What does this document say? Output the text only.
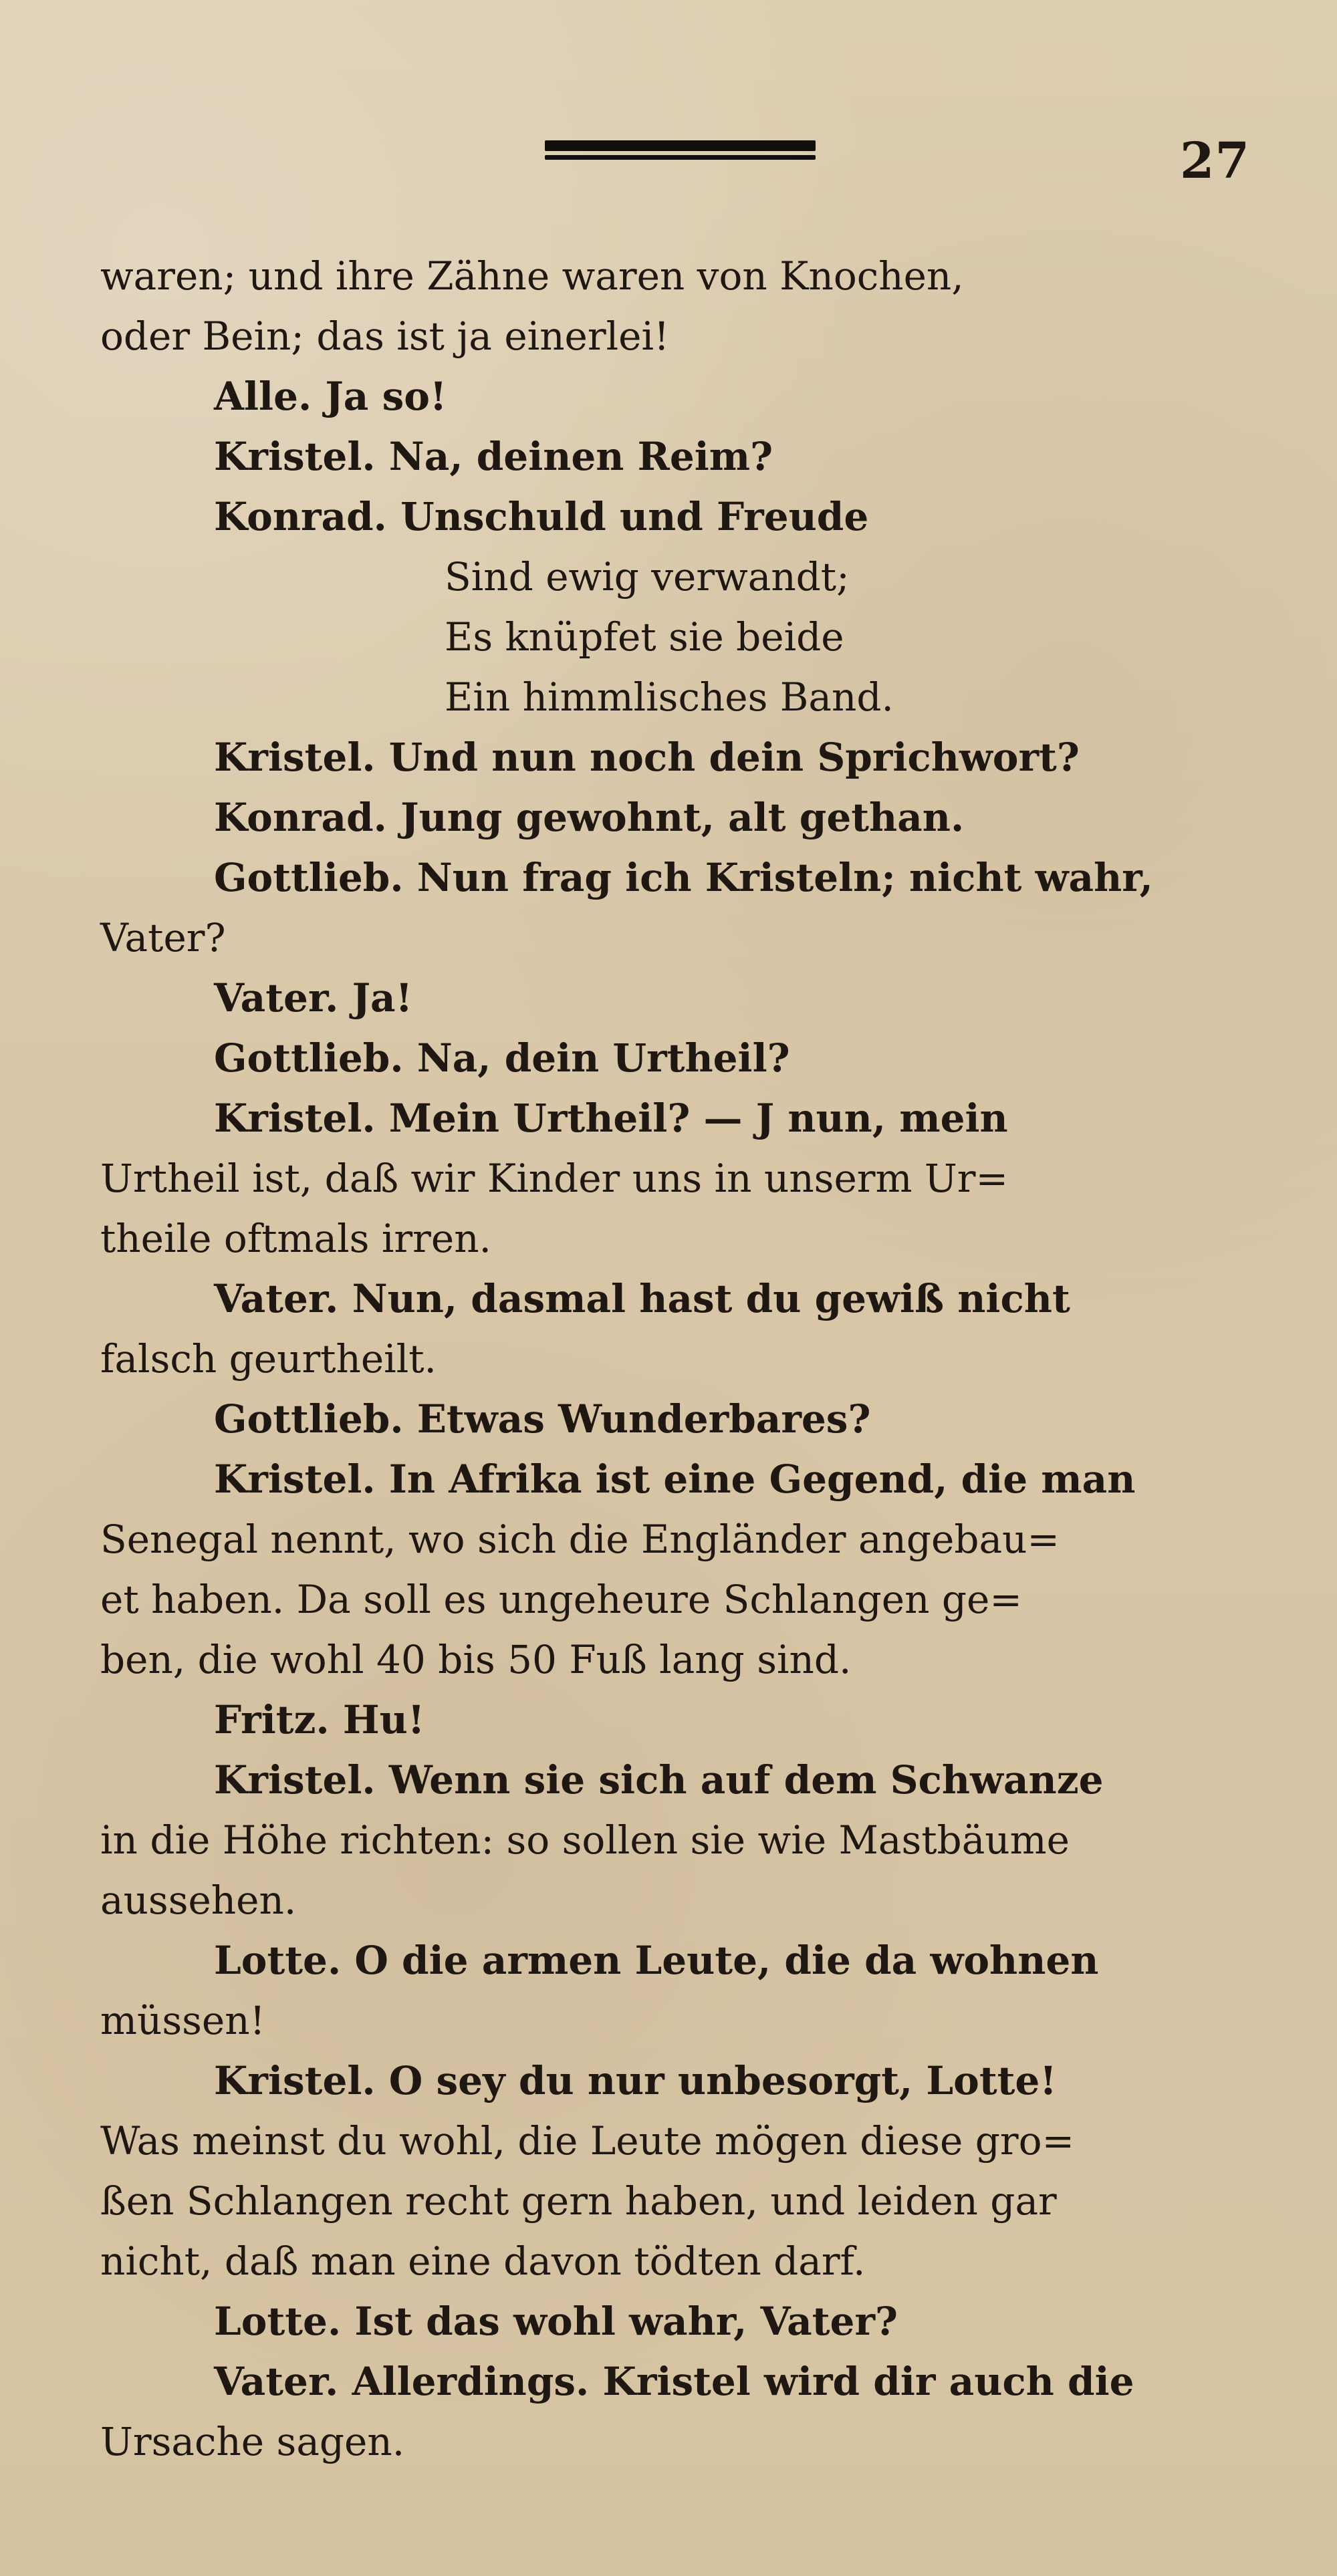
27
waren; und ihre Zähne waren von Knochen,
oder Bein; das ist ja einerlei!
Alle. Ja so!
Kristel. Na, deinen Reim?
Konrad. Unschuld und Freude
Sind ewig verwandt;
Es knüpfet sie beide
Ein himmlisches Band.
Kristel. Und nun noch dein Sprichwort?
Konrad. Jung gewohnt, alt gethan.
Gottlieb. Nun frag ich Kristeln; nicht wahr,
Vater?
Vater. Ja!
Gottlieb. Na, dein Urtheil?
Kristel. Mein Urtheil? — J nun, mein
Urtheil ist, daß wir Kinder uns in unserm Ur=
theile oftmals irren.
Vater. Nun, dasmal hast du gewiß nicht
falsch geurtheilt.
Gottlieb. Etwas Wunderbares?
Kristel. In Afrika ist eine Gegend, die man
Senegal nennt, wo sich die Engländer angebau=
et haben. Da soll es ungeheure Schlangen ge=
ben, die wohl 40 bis 50 Fuß lang sind.
Fritz. Hu!
Kristel. Wenn sie sich auf dem Schwanze
in die Höhe richten: so sollen sie wie Mastbäume
aussehen.
Lotte. O die armen Leute, die da wohnen
müssen!
Kristel. O sey du nur unbesorgt, Lotte!
Was meinst du wohl, die Leute mögen diese gro=
ßen Schlangen recht gern haben, und leiden gar
nicht, daß man eine davon tödten darf.
Lotte. Ist das wohl wahr, Vater?
Vater. Allerdings. Kristel wird dir auch die
Ursache sagen.
